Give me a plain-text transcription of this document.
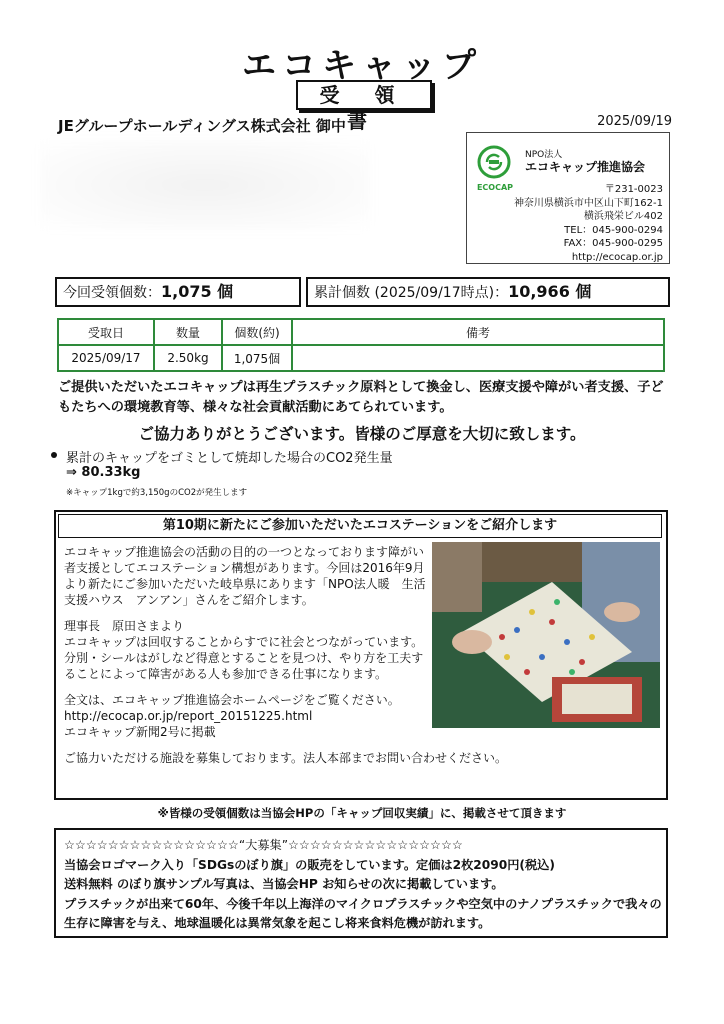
エコキャップ
受 領 書	2025/09/19
JEグループホールディングス株式会社 御中
ECOCAP
NPO法人
エコキャップ推進協会
〒231-0023
神奈川県横浜市中区山下町162-1
横浜飛栄ビル402
TEL：045-900-0294
FAX：045-900-0295
http://ecocap.or.jp
今回受領個数：1,075 個	累計個数 (2025/09/17時点)：10,966 個
受取日	数量	個数(約)	備考
2025/09/17	2.50kg	1,075個	
ご提供いただいたエコキャップは再生プラスチック原料として換金し、医療支援や障がい者支援、子どもたちへの環境教育等、様々な社会貢献活動にあてられています。
ご協力ありがとうございます。皆様のご厚意を大切に致します。
累計のキャップをゴミとして焼却した場合のCO2発生量
⇒ 80.33kg
※キャップ1kgで約3,150gのCO2が発生します
第10期に新たにご参加いただいたエコステーションをご紹介します

エコキャップ推進協会の活動の目的の一つとなっております障がい者支援としてエコステーション構想があります。今回は2016年9月より新たにご参加いただいた岐阜県にあります「NPO法人暖　生活支援ハウス　アンアン」さんをご紹介します。

理事長　原田さまより
エコキャップは回収することからすでに社会とつながっています。分別・シールはがしなど得意とすることを見つけ、やり方を工夫することによって障害がある人も参加できる仕事になります。

全文は、エコキャップ推進協会ホームページをご覧ください。
http://ecocap.or.jp/report_20151225.html
エコキャップ新聞2号に掲載

ご協力いただける施設を募集しております。法人本部までお問い合わせください。

※皆様の受領個数は当協会HPの「キャップ回収実績」に、掲載させて頂きます
☆☆☆☆☆☆☆☆☆☆☆☆☆☆☆☆“大募集”☆☆☆☆☆☆☆☆☆☆☆☆☆☆☆☆
当協会ロゴマーク入り「SDGsのぼり旗」の販売をしています。定価は2枚2090円(税込)
送料無料 のぼり旗サンプル写真は、当協会HP お知らせの次に掲載しています。
プラスチックが出来て60年、今後千年以上海洋のマイクロプラスチックや空気中のナノプラスチックで我々の生存に障害を与え、地球温暖化は異常気象を起こし将来食料危機が訪れます。
